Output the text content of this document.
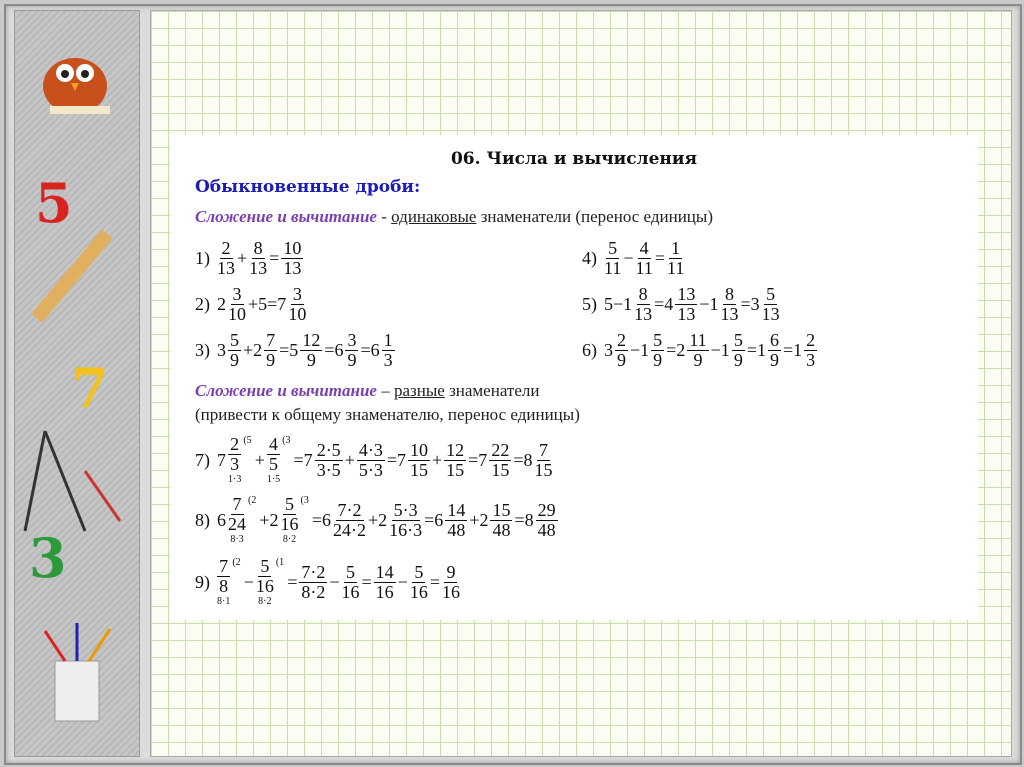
5
7
3
06. Числа и вычисления
Обыкновенные дроби:
Сложение и вычитание - одинаковые знаменатели (перенос единицы)
Сложение и вычитание – разные знаменатели
(привести к общему знаменателю, перенос единицы)
$1) \frac{2}{13} + \frac{8}{13} = \frac{10}{13}$
2) $2 \frac{3}{10} +5=7 \frac{3}{10}$
3) $3 \frac{5}{9} +2 \frac{7}{9} =5 \frac{12}{9} =6 \frac{3}{9} =6 \frac{1}{3}$
$4) \frac{5}{11} - \frac{4}{11} = \frac{1}{11}$
5) $5-1 \frac{8}{13} =4 \frac{13}{13} -1 \frac{8}{13} =3 \frac{5}{13}$
6) $3 \frac{2}{9} -1 \frac{5}{9} =2 \frac{11}{9} -1 \frac{5}{9} =1 \frac{6}{9} =1 \frac{2}{3}$
7) 7
2
3
1·3
(5
+
4
5
1·5
(3
$=7 \frac{2\cdot 5}{3\cdot 5} + \frac{4\cdot 3}{5\cdot 3} =7 \frac{10}{15} + \frac{12}{15} =7 \frac{22}{15} =8 \frac{7}{15}$
8) 6
7
24
8·3
(2
+2
5
16
8·2
(3
$=6 \frac{7\cdot 2}{24\cdot 2} +2 \frac{5\cdot 3}{16\cdot 3} =6 \frac{14}{48} +2 \frac{15}{48} =8 \frac{29}{48}$
9)
7
8
8·1
(2
−
5
16
8·2
(1
= $\frac{7\cdot 2}{8\cdot 2} - \frac{5}{16} = \frac{14}{16} - \frac{5}{16} = \frac{9}{16}$
